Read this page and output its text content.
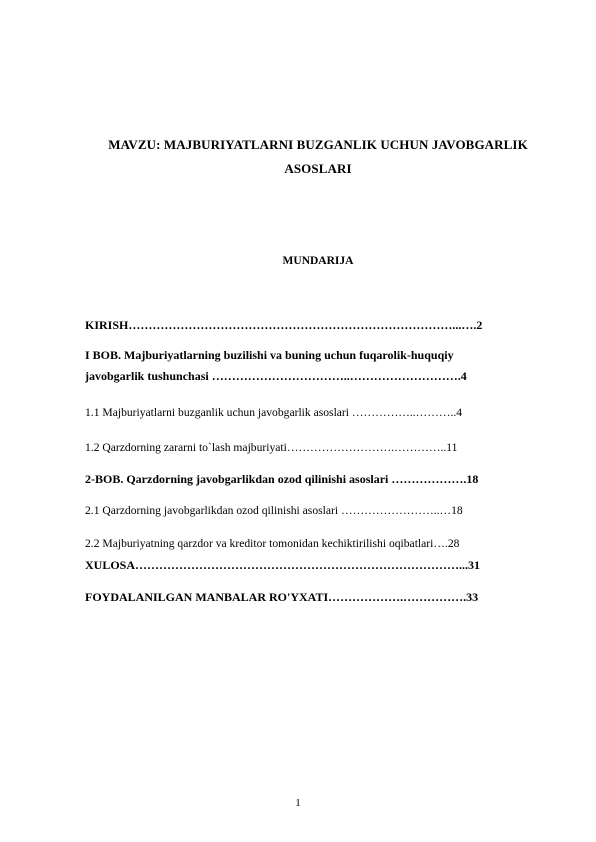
MAVZU: MAJBURIYATLARNI BUZGANLIK UCHUN JAVOBGARLIK
ASOSLARI
MUNDARIJA
KIRISH………………………………………………………………………...….2
I BOB. Majburiyatlarning buzilishi va buning uchun fuqarolik-huquqiy
javobgarlik tushunchasi ……………………………..……………………….4
1.1 Majburiyatlarni buzganlik uchun javobgarlik asoslari ……………..………..4
1.2 Qarzdorning zararni to`lash majburiyati……………………….…………..11
2-BOB. Qarzdorning javobgarlikdan ozod qilinishi asoslari ……………….18
2.1 Qarzdorning javobgarlikdan ozod qilinishi asoslari ……………………..…18
2.2 Majburiyatning qarzdor va kreditor tomonidan kechiktirilishi oqibatlari….28
XULOSA………………………………………………………………………...31
FOYDALANILGAN MANBALAR RO'YXATI……………….…………….33
1
